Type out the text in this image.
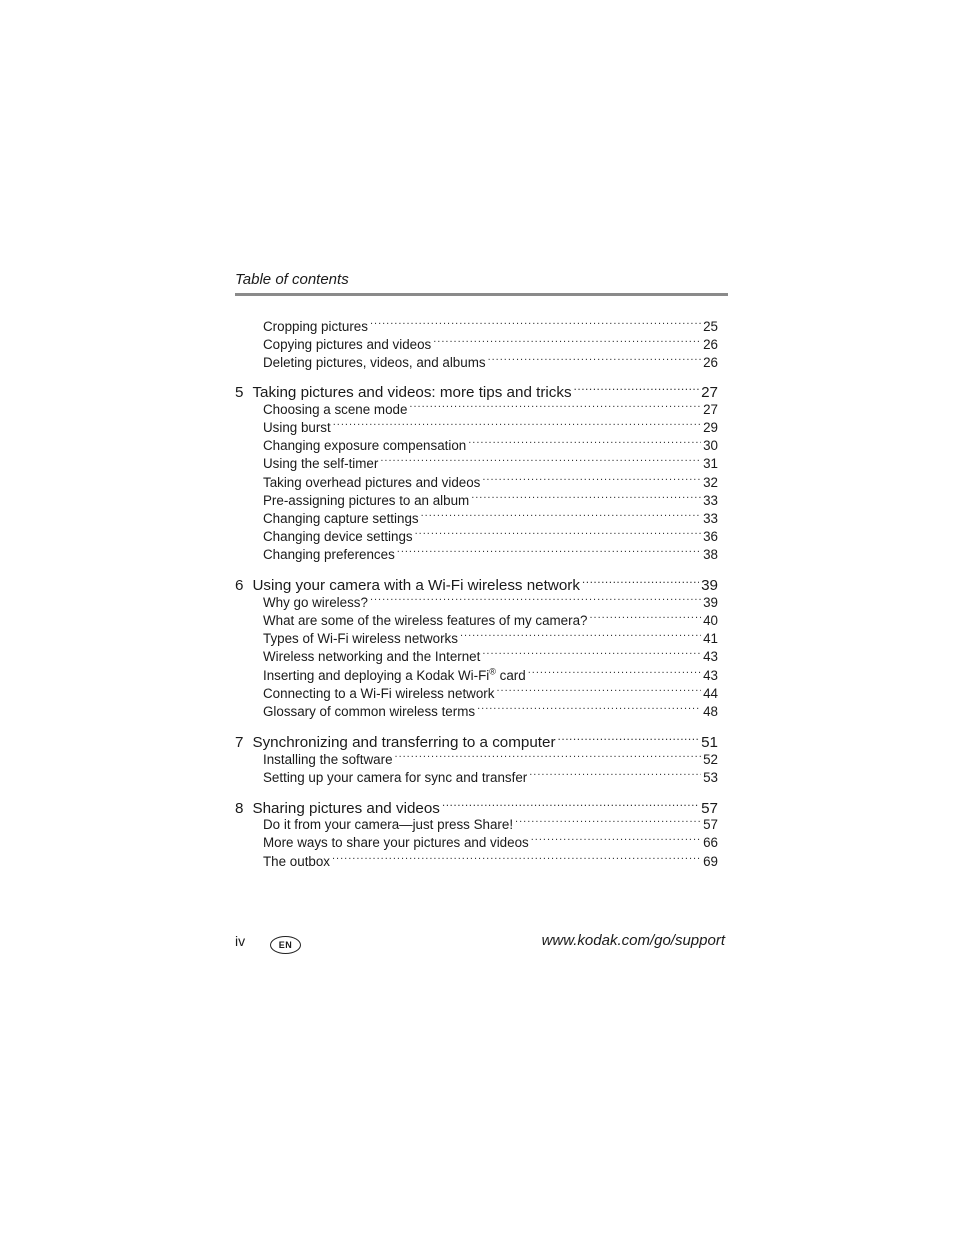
Table of contents
Cropping pictures .....	25
Copying pictures and videos .....	26
Deleting pictures, videos, and albums .....	26
5 Taking pictures and videos: more tips and tricks .....	27
Choosing a scene mode .....	27
Using burst .....	29
Changing exposure compensation .....	30
Using the self-timer .....	31
Taking overhead pictures and videos .....	32
Pre-assigning pictures to an album .....	33
Changing capture settings .....	33
Changing device settings .....	36
Changing preferences .....	38
6 Using your camera with a Wi-Fi wireless network .....	39
Why go wireless? .....	39
What are some of the wireless features of my camera? .....	40
Types of Wi-Fi wireless networks .....	41
Wireless networking and the Internet .....	43
Inserting and deploying a Kodak Wi-Fi® card .....	43
Connecting to a Wi-Fi wireless network .....	44
Glossary of common wireless terms .....	48
7 Synchronizing and transferring to a computer .....	51
Installing the software .....	52
Setting up your camera for sync and transfer .....	53
8 Sharing pictures and videos .....	57
Do it from your camera—just press Share! .....	57
More ways to share your pictures and videos .....	66
The outbox .....	69
iv	EN	www.kodak.com/go/support
